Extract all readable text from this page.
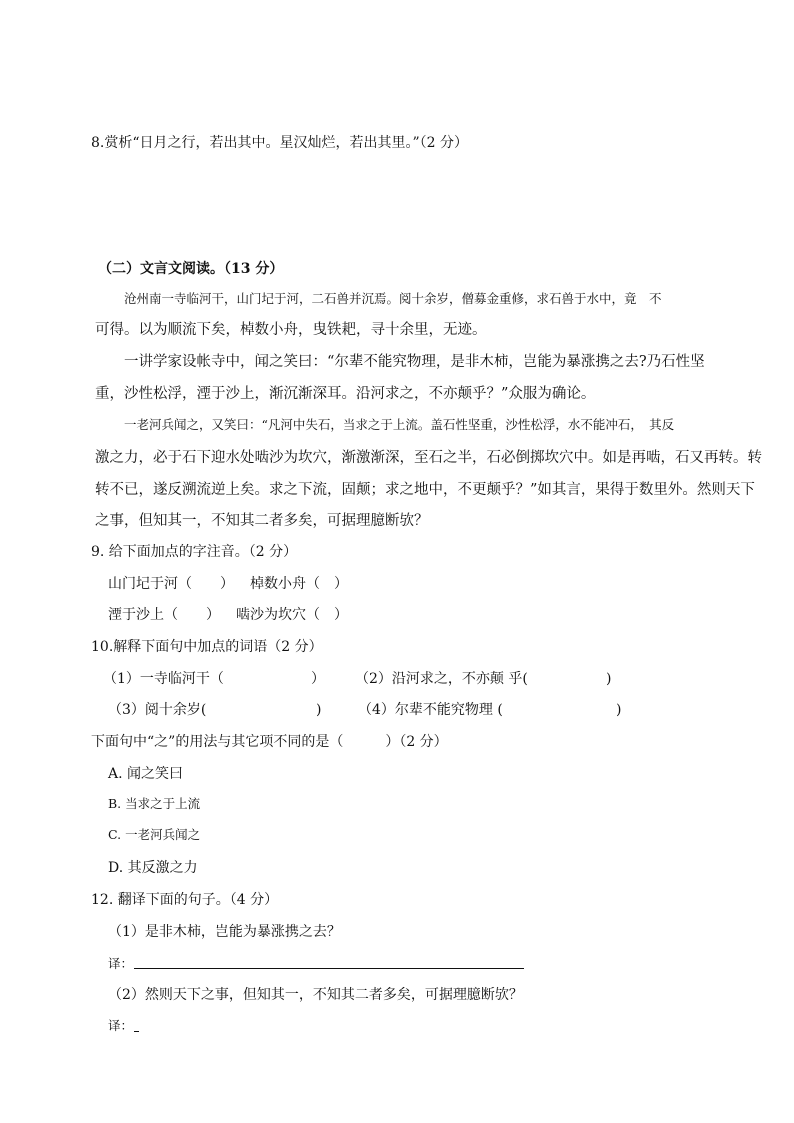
8.赏析“日月之行，若出其中。星汉灿烂，若出其里。”（2 分）
（二）文言文阅读。（13 分）
沧州南一寺临河干，山门圮于河，二石兽并沉焉。阅十余岁，僧募金重修，求石兽于水中，竟　不
可得。以为顺流下矣，棹数小舟，曳铁耙，寻十余里，无迹。
一讲学家设帐寺中，闻之笑曰：“尔辈不能究物理，是非木柿，岂能为暴涨携之去?乃石性坚
重，沙性松浮，湮于沙上，渐沉渐深耳。沿河求之，不亦颠乎？”众服为确论。
一老河兵闻之，又笑曰：“凡河中失石，当求之于上流。盖石性坚重，沙性松浮，水不能冲石，　其反
激之力，必于石下迎水处啮沙为坎穴，渐激渐深，至石之半，石必倒掷坎穴中。如是再啮，石又再转。转
转不已，遂反溯流逆上矣。求之下流，固颠；求之地中，不更颠乎？”如其言，果得于数里外。然则天下
之事，但知其一，不知其二者多矣，可据理臆断欤？
9. 给下面加点的字注音。（2 分）
山门圮于河（　　） 棹数小舟（　）
湮于沙上（　　） 啮沙为坎穴（　）
10.解释下面句中加点的词语（2 分）
（1）一寺临河干（	） （2）沿河求之，不亦颠 乎(	)
（3）阅十余岁(	)	（4）尔辈不能究物理 (	)
下面句中“之”的用法与其它项不同的是（　　　）（2 分）
A. 闻之笑曰
B. 当求之于上流
C. 一老河兵闻之
D. 其反激之力
12. 翻译下面的句子。（4 分）
（1）是非木柿，岂能为暴涨携之去？
译：
（2）然则天下之事，但知其一，不知其二者多矣，可据理臆断欤？
译：
